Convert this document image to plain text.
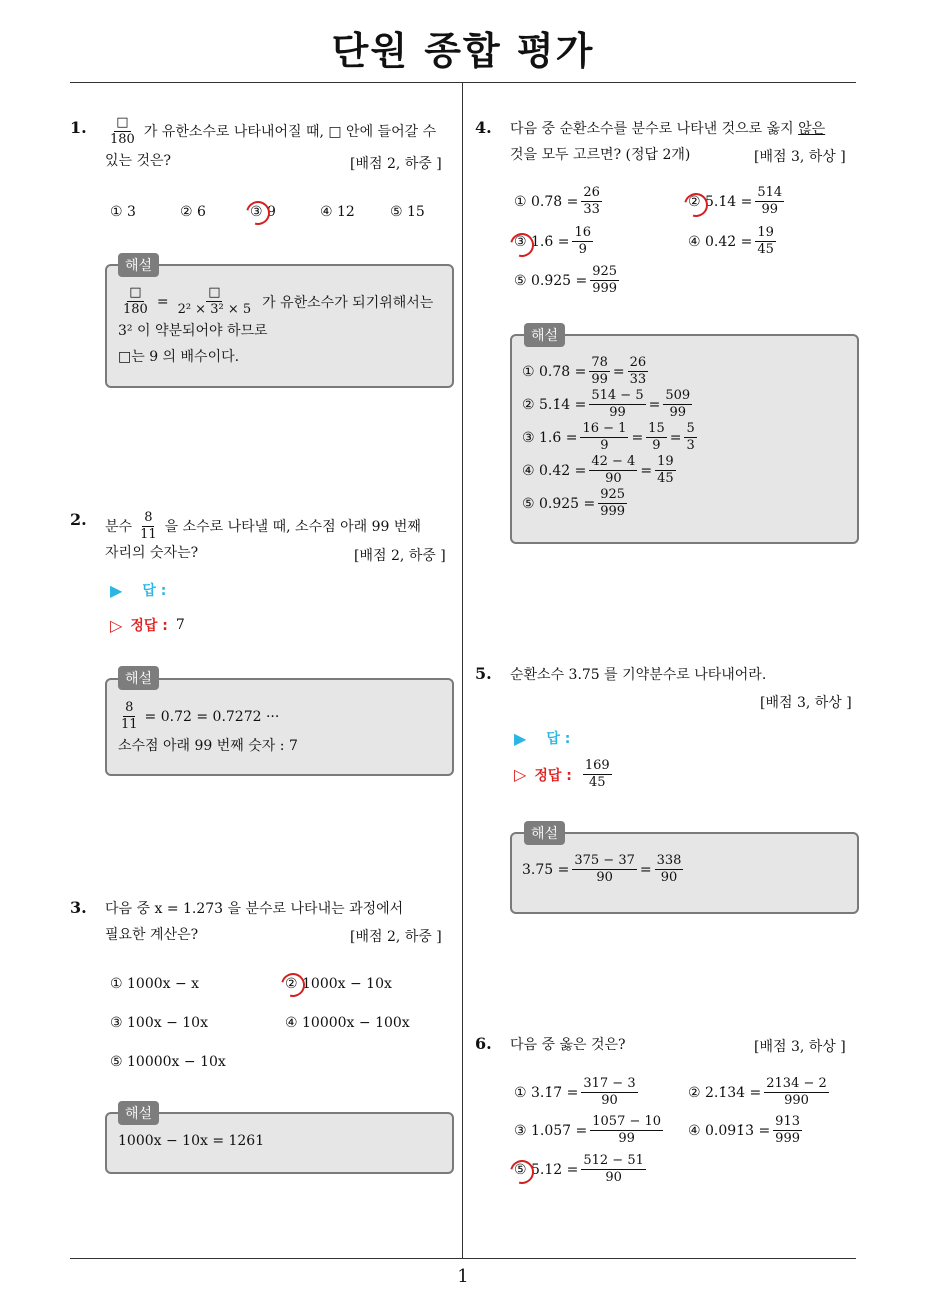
단원 종합 평가
1
1. $\frac{□}{180}$ 가 유한소수로 나타내어질 때, □ 안에 들어갈 수
있는 것은?	[배점 2, 하중 ]
① 3	② 6	③ 9	④ 12	⑤ 15
해설
$\frac{□}{180} = \frac{□}{\text{2² × 3² × 5}}$ 가 유한소수가 되기위해서는
3² 이 약분되어야 하므로
□는 9 의 배수이다.
2. 분수 $\frac{8}{11}$ 을 소수로 나타낼 때, 소수점 아래 99 번째
자리의 숫자는?	[배점 2, 하중 ]
▶ 답 :
▷ 정답 : 7
해설
$\frac{8}{11}$ = 0.7̇2̇ = 0.7272 ···
소수점 아래 99 번째 숫자 : 7
3. 다음 중 x = 1.27̇3̇ 을 분수로 나타내는 과정에서
필요한 계산은?	[배점 2, 하중 ]
① 1000x − x	② 1000x − 10x
③ 100x − 10x	④ 10000x − 100x
⑤ 10000x − 10x
해설
1000x − 10x = 1261
4. 다음 중 순환소수를 분수로 나타낸 것으로 옳지 않은
것을 모두 고르면? (정답 2개)	[배점 3, 하상 ]
① 0.7̇8̇ = $\frac{26}{33}$	② 5.1̇4̇ = $\frac{514}{99}$
③ 1.6̇ = $\frac{16}{9}$	④ 0.42̇ = $\frac{19}{45}$
⑤ 0.9̇25̇ = $\frac{925}{999}$
해설
① 0.7̇8̇ = $\frac{78}{99} = \frac{26}{33}$
② 5.1̇4̇ = $\frac{514 - 5}{99} = \frac{509}{99}$
③ 1.6̇ = $\frac{16 - 1}{9} = \frac{15}{9} = \frac{5}{3}$
④ 0.42̇ = $\frac{42 - 4}{90} = \frac{19}{45}$
⑤ 0.9̇25̇ = $\frac{925}{999}$
5. 순환소수 3.75̇ 를 기약분수로 나타내어라.
[배점 3, 하상 ]
▶ 답 :
▷ 정답 : $\frac{169}{45}$
해설
3.75̇ = $\frac{375 - 37}{90} = \frac{338}{90}$
6. 다음 중 옳은 것은?	[배점 3, 하상 ]
① 3.1̇7̇ = $\frac{317 - 3}{90}$	② 2.1̇34̇ = $\frac{2134 - 2}{990}$
③ 1.05̇7̇ = $\frac{1057 - 10}{99}$ ④ 0.091̇3̇ = $\frac{913}{999}$
⑤ 5.12̇ = $\frac{512 - 51}{90}$
